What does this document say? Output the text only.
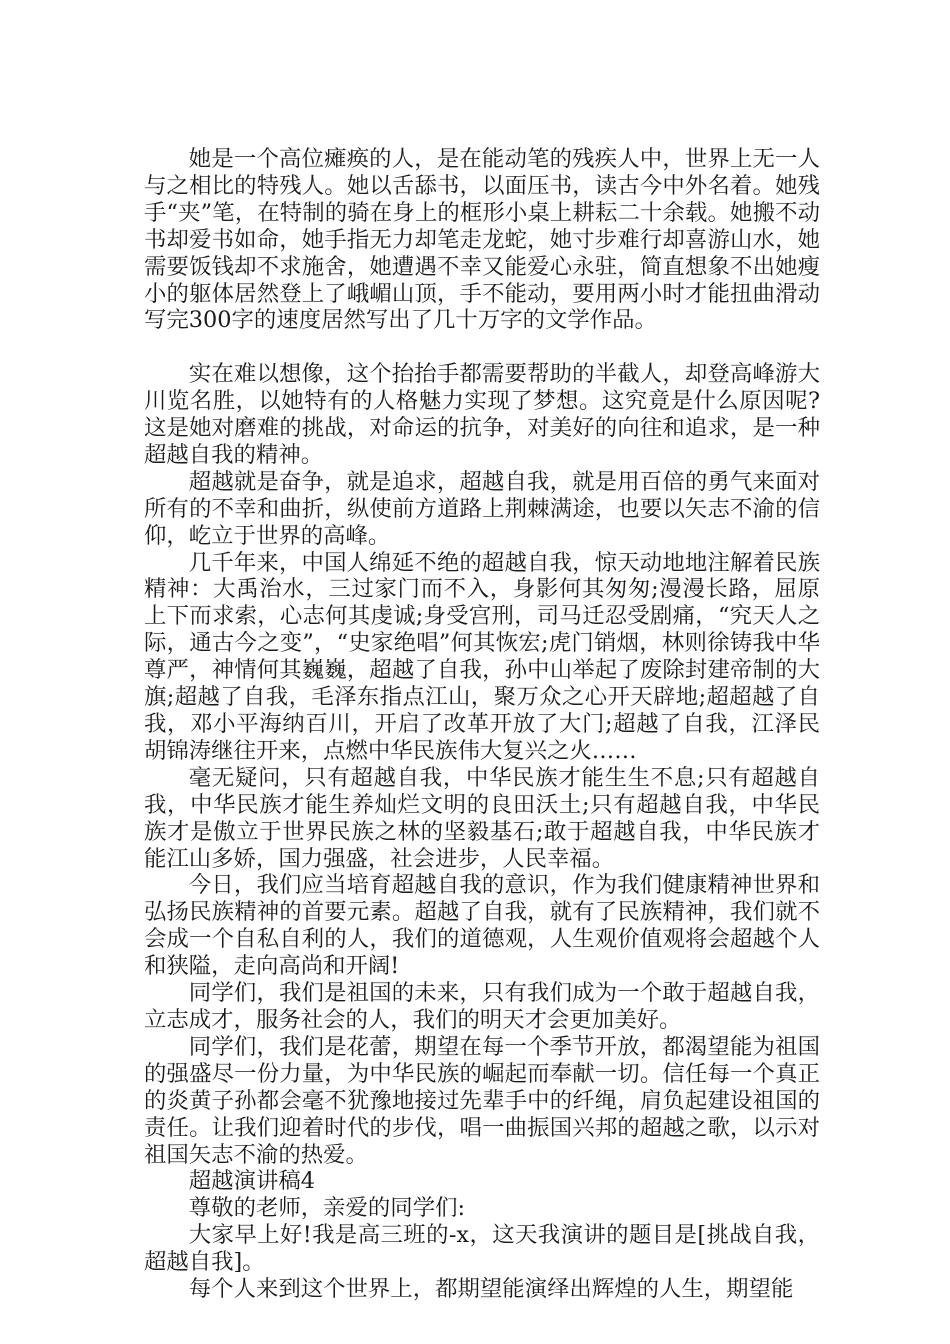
她是一个高位瘫痪的人，是在能动笔的残疾人中，世界上无一人与之相比的特残人。她以舌舔书，以面压书，读古今中外名着。她残手“夹”笔，在特制的骑在身上的框形小桌上耕耘二十余载。她搬不动书却爱书如命，她手指无力却笔走龙蛇，她寸步难行却喜游山水，她需要饭钱却不求施舍，她遭遇不幸又能爱心永驻，简直想象不出她瘦小的躯体居然登上了峨嵋山顶，手不能动，要用两小时才能扭曲滑动写完300字的速度居然写出了几十万字的文学作品。

实在难以想像，这个抬抬手都需要帮助的半截人，却登高峰游大川览名胜，以她特有的人格魅力实现了梦想。这究竟是什么原因呢?这是她对磨难的挑战，对命运的抗争，对美好的向往和追求，是一种超越自我的精神。

超越就是奋争，就是追求，超越自我，就是用百倍的勇气来面对所有的不幸和曲折，纵使前方道路上荆棘满途，也要以矢志不渝的信仰，屹立于世界的高峰。

几千年来，中国人绵延不绝的超越自我，惊天动地地注解着民族精神：大禹治水，三过家门而不入，身影何其匆匆;漫漫长路，屈原上下而求索，心志何其虔诚;身受宫刑，司马迁忍受剧痛，“究天人之际，通古今之变”，“史家绝唱”何其恢宏;虎门销烟，林则徐铸我中华尊严，神情何其巍巍，超越了自我，孙中山举起了废除封建帝制的大旗;超越了自我，毛泽东指点江山，聚万众之心开天辟地;超超越了自我，邓小平海纳百川，开启了改革开放了大门;超越了自我，江泽民胡锦涛继往开来，点燃中华民族伟大复兴之火……

毫无疑问，只有超越自我，中华民族才能生生不息;只有超越自我，中华民族才能生养灿烂文明的良田沃土;只有超越自我，中华民族才是傲立于世界民族之林的坚毅基石;敢于超越自我，中华民族才能江山多娇，国力强盛，社会进步，人民幸福。

今日，我们应当培育超越自我的意识，作为我们健康精神世界和弘扬民族精神的首要元素。超越了自我，就有了民族精神，我们就不会成一个自私自利的人，我们的道德观，人生观价值观将会超越个人和狭隘，走向高尚和开阔!

同学们，我们是祖国的未来，只有我们成为一个敢于超越自我，立志成才，服务社会的人，我们的明天才会更加美好。

同学们，我们是花蕾，期望在每一个季节开放，都渴望能为祖国的强盛尽一份力量，为中华民族的崛起而奉献一切。信任每一个真正的炎黄子孙都会毫不犹豫地接过先辈手中的纤绳，肩负起建设祖国的责任。让我们迎着时代的步伐，唱一曲振国兴邦的超越之歌，以示对祖国矢志不渝的热爱。

超越演讲稿4

尊敬的老师，亲爱的同学们:

大家早上好!我是高三班的-x，这天我演讲的题目是[挑战自我，超越自我]。

每个人来到这个世界上，都期望能演绎出辉煌的人生，期望能
